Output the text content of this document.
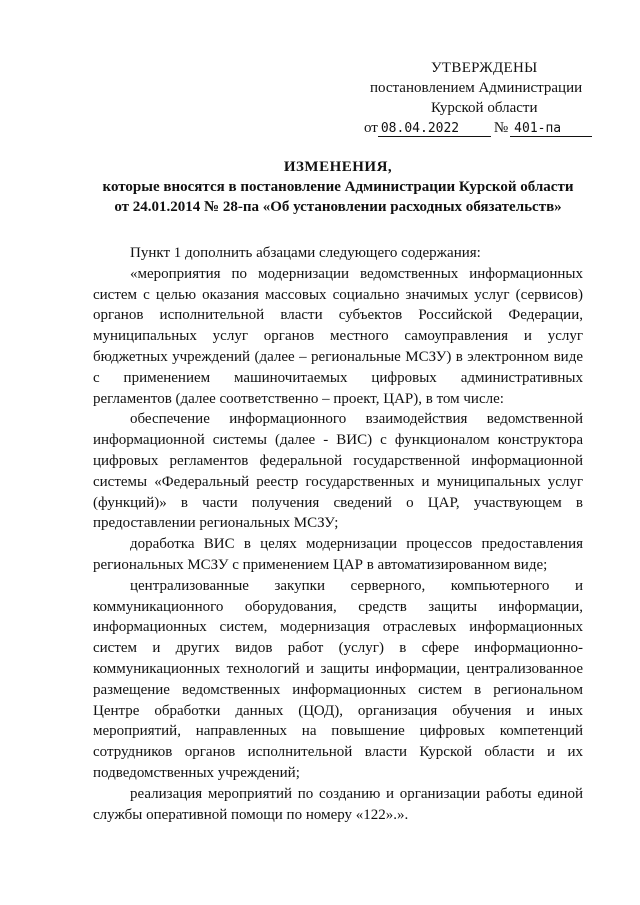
УТВЕРЖДЕНЫ
постановлением Администрации
Курской области
от 08.04.2022 № 401-па
ИЗМЕНЕНИЯ,
которые вносятся в постановление Администрации Курской области
от 24.01.2014 № 28-па «Об установлении расходных обязательств»

Пункт 1 дополнить абзацами следующего содержания:

«мероприятия по модернизации ведомственных информационных систем с целью оказания массовых социально значимых услуг (сервисов) органов исполнительной власти субъектов Российской Федерации, муниципальных услуг органов местного самоуправления и услуг бюджетных учреждений (далее – региональные МСЗУ) в электронном виде с применением машиночитаемых цифровых административных регламентов (далее соответственно – проект, ЦАР), в том числе:

обеспечение информационного взаимодействия ведомственной информационной системы (далее - ВИС) с функционалом конструктора цифровых регламентов федеральной государственной информационной системы «Федеральный реестр государственных и муниципальных услуг (функций)» в части получения сведений о ЦАР, участвующем в предоставлении региональных МСЗУ;

доработка ВИС в целях модернизации процессов предоставления региональных МСЗУ с применением ЦАР в автоматизированном виде;

централизованные закупки серверного, компьютерного и коммуникационного оборудования, средств защиты информации, информационных систем, модернизация отраслевых информационных систем и других видов работ (услуг) в сфере информационно-коммуникационных технологий и защиты информации, централизованное размещение ведомственных информационных систем в региональном Центре обработки данных (ЦОД), организация обучения и иных мероприятий, направленных на повышение цифровых компетенций сотрудников органов исполнительной власти Курской области и их подведомственных учреждений;

реализация мероприятий по созданию и организации работы единой службы оперативной помощи по номеру «122».».
